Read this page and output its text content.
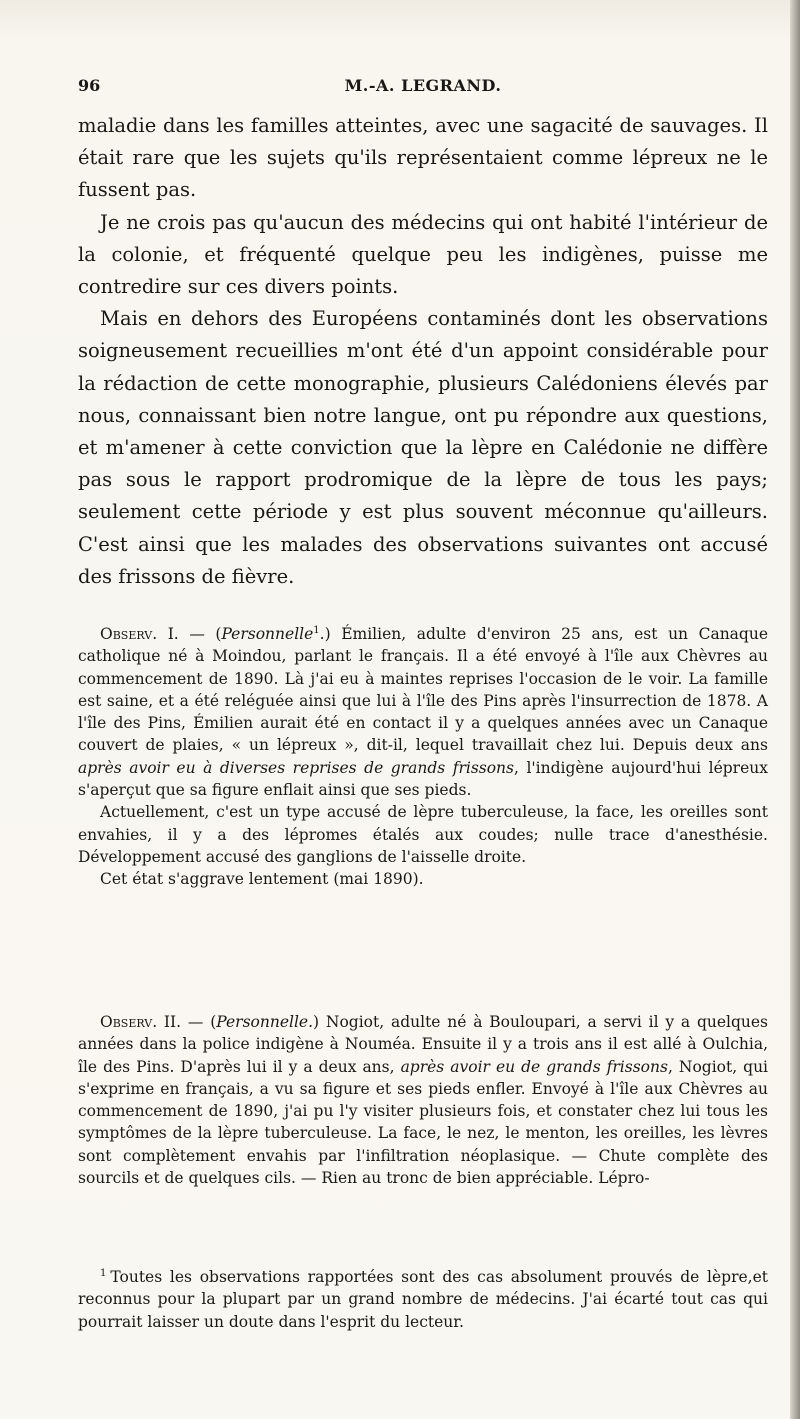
96	M.-A. LEGRAND.

maladie dans les familles atteintes, avec une sagacité de sauvages. Il était rare que les sujets qu'ils représentaient comme lépreux ne le fussent pas.

Je ne crois pas qu'aucun des médecins qui ont habité l'intérieur de la colonie, et fréquenté quelque peu les indigènes, puisse me contredire sur ces divers points.

Mais en dehors des Européens contaminés dont les observations soigneusement recueillies m'ont été d'un appoint considérable pour la rédaction de cette monographie, plusieurs Calédoniens élevés par nous, connaissant bien notre langue, ont pu répondre aux questions, et m'amener à cette conviction que la lèpre en Calédonie ne diffère pas sous le rapport prodromique de la lèpre de tous les pays; seulement cette période y est plus souvent méconnue qu'ailleurs. C'est ainsi que les malades des observations suivantes ont accusé des frissons de fièvre.

Observ. I. — (Personnelle$^1$.) Émilien, adulte d'environ 25 ans, est un Canaque catholique né à Moindou, parlant le français. Il a été envoyé à l'île aux Chèvres au commencement de 1890. Là j'ai eu à maintes reprises l'occasion de le voir. La famille est saine, et a été reléguée ainsi que lui à l'île des Pins après l'insurrection de 1878. A l'île des Pins, Émilien aurait été en contact il y a quelques années avec un Canaque couvert de plaies, « un lépreux », dit-il, lequel travaillait chez lui. Depuis deux ans après avoir eu à diverses reprises de grands frissons, l'indigène aujourd'hui lépreux s'aperçut que sa figure enflait ainsi que ses pieds.

Actuellement, c'est un type accusé de lèpre tuberculeuse, la face, les oreilles sont envahies, il y a des lépromes étalés aux coudes; nulle trace d'anesthésie. Développement accusé des ganglions de l'aisselle droite.

Cet état s'aggrave lentement (mai 1890).

Observ. II. — (Personnelle.) Nogiot, adulte né à Bouloupari, a servi il y a quelques années dans la police indigène à Nouméa. Ensuite il y a trois ans il est allé à Oulchia, île des Pins. D'après lui il y a deux ans, après avoir eu de grands frissons, Nogiot, qui s'exprime en français, a vu sa figure et ses pieds enfler. Envoyé à l'île aux Chèvres au commencement de 1890, j'ai pu l'y visiter plusieurs fois, et constater chez lui tous les symptômes de la lèpre tuberculeuse. La face, le nez, le menton, les oreilles, les lèvres sont complètement envahis par l'infiltration néoplasique. — Chute complète des sourcils et de quelques cils. — Rien au tronc de bien appréciable. Lépro-

$^1$ Toutes les observations rapportées sont des cas absolument prouvés de lèpre,et reconnus pour la plupart par un grand nombre de médecins. J'ai écarté tout cas qui pourrait laisser un doute dans l'esprit du lecteur.
